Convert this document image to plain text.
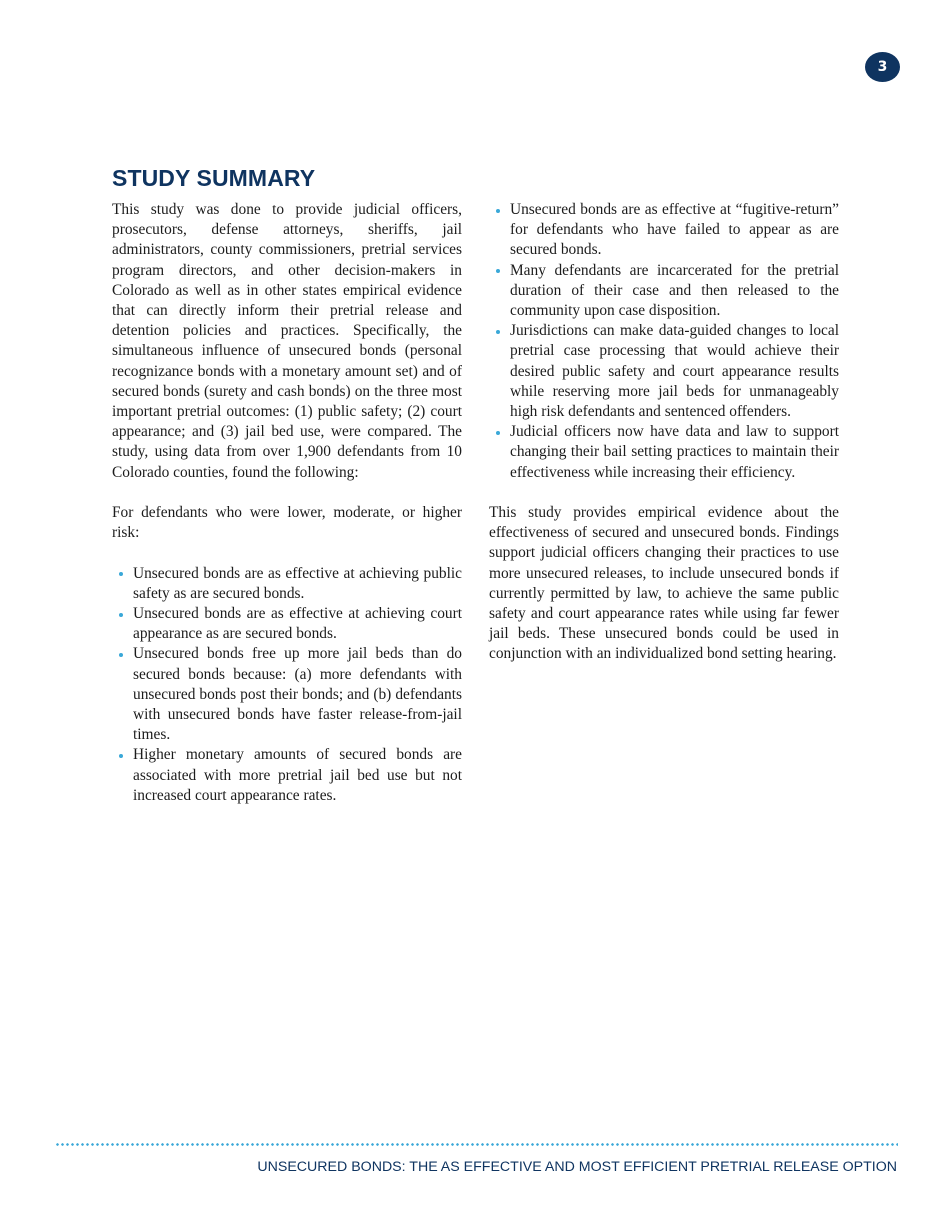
3
STUDY SUMMARY

This study was done to provide judicial officers, prosecutors, defense attorneys, sheriffs, jail administrators, county commissioners, pretrial services program directors, and other decision-makers in Colorado as well as in other states empirical evidence that can directly inform their pretrial release and detention policies and practices. Specifically, the simultaneous influence of unsecured bonds (personal recognizance bonds with a monetary amount set) and of secured bonds (surety and cash bonds) on the three most important pretrial outcomes: (1) public safety; (2) court appearance; and (3) jail bed use, were compared. The study, using data from over 1,900 defendants from 10 Colorado counties, found the following:

For defendants who were lower, moderate, or higher risk:

Unsecured bonds are as effective at achieving public safety as are secured bonds.
Unsecured bonds are as effective at achieving court appearance as are secured bonds.
Unsecured bonds free up more jail beds than do secured bonds because: (a) more defendants with unsecured bonds post their bonds; and (b) defendants with unsecured bonds have faster release-from-jail times.
Higher monetary amounts of secured bonds are associated with more pretrial jail bed use but not increased court appearance rates.
Unsecured bonds are as effective at “fugitive-return” for defendants who have failed to appear as are secured bonds.
Many defendants are incarcerated for the pretrial duration of their case and then released to the community upon case disposition.
Jurisdictions can make data-guided changes to local pretrial case processing that would achieve their desired public safety and court appearance results while reserving more jail beds for unmanageably high risk defendants and sentenced offenders.
Judicial officers now have data and law to support changing their bail setting practices to maintain their effectiveness while increasing their efficiency.

This study provides empirical evidence about the effectiveness of secured and unsecured bonds. Findings support judicial officers changing their practices to use more unsecured releases, to include unsecured bonds if currently permitted by law, to achieve the same public safety and court appearance rates while using far fewer jail beds. These unsecured bonds could be used in conjunction with an individualized bond setting hearing.

UNSECURED BONDS: THE AS EFFECTIVE AND MOST EFFICIENT PRETRIAL RELEASE OPTION
